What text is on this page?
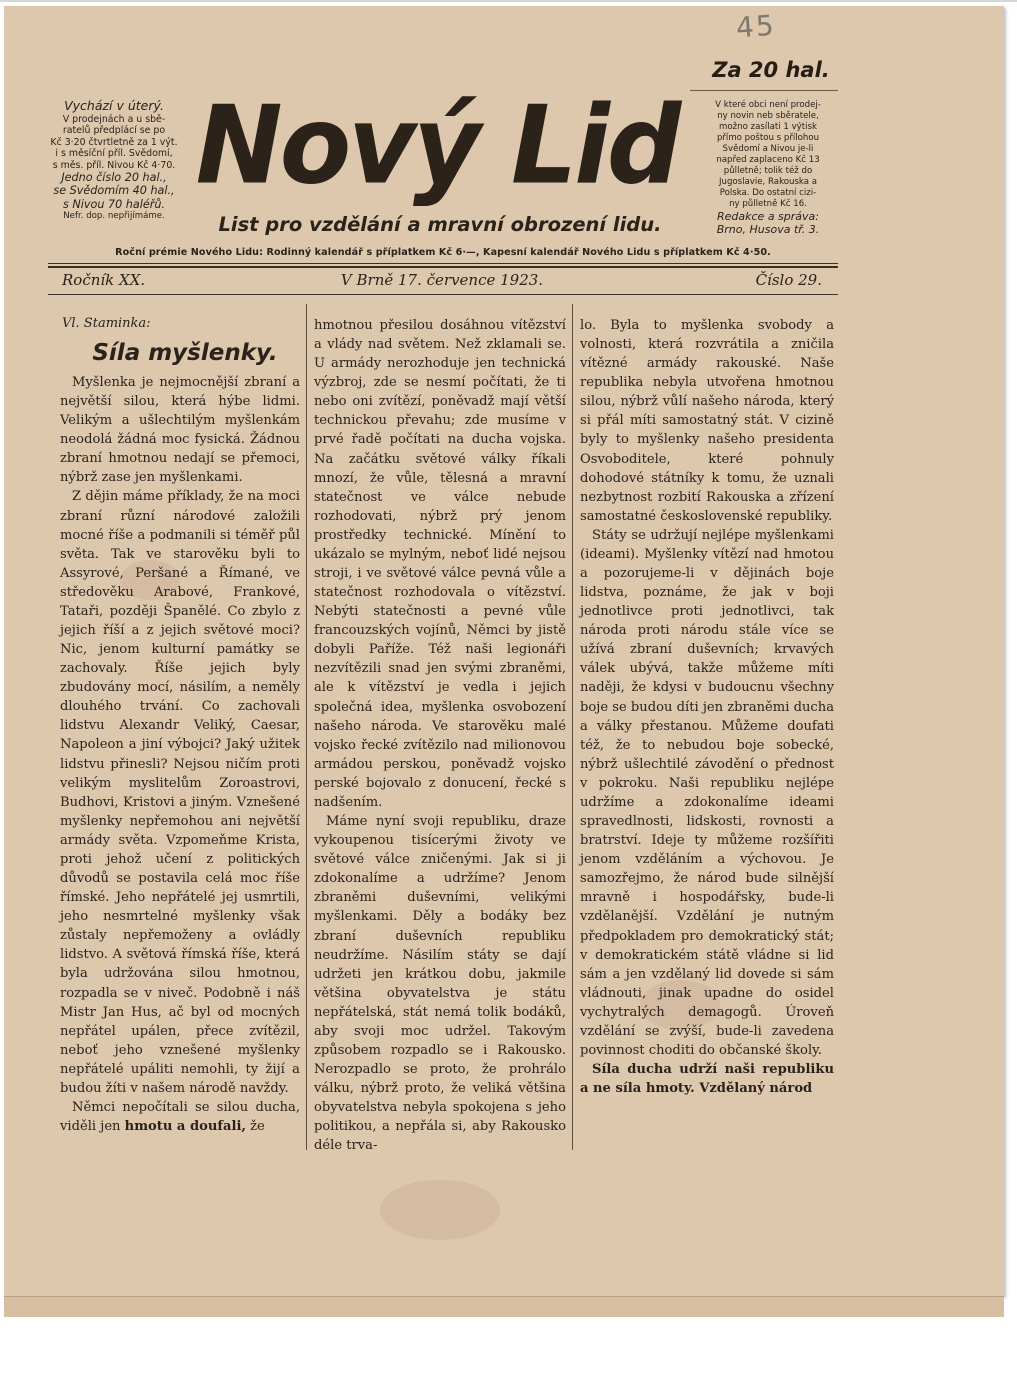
45
Za 20 hal.
Vychází v úterý.
V prodejnách a u sbě-
ratelů předplácí se po
Kč 3·20 čtvrtletně za 1 výt.
i s měsíční příl. Svědomí,
s měs. příl. Nivou Kč 4·70.
Jedno číslo 20 hal.,
se Svědomím 40 hal.,
s Nivou 70 haléřů.
Nefr. dop. nepřijímáme.
Nový Lid
List pro vzdělání a mravní obrození lidu.
V které obci není prodej-
ny novin neb sběratele,
možno zasílati 1 výtisk
přímo poštou s přílohou
Svědomí a Nivou je-li
napřed zaplaceno Kč 13
půlletně; tolik též do
Jugoslavie, Rakouska a
Polska. Do ostatní cizi-
ny půlletně Kč 16.
Redakce a správa:
Brno, Husova tř. 3.
Roční prémie Nového Lidu: Rodinný kalendář s příplatkem Kč 6·—, Kapesní kalendář Nového Lidu s příplatkem Kč 4·50.
Ročník XX.	V Brně 17. července 1923.	Číslo 29.
Vl. Staminka:
Síla myšlenky.

Myšlenka je nejmocnější zbraní a největší silou, která hýbe lidmi. Velikým a ušlechtilým myšlenkám neodolá žádná moc fysická. Žádnou zbraní hmotnou nedají se přemoci, nýbrž zase jen myšlenkami.

Z dějin máme příklady, že na moci zbraní různí národové založili mocné říše a podmanili si téměř půl světa. Tak ve starověku byli to Assyrové, Peršané a Římané, ve středověku Arabové, Frankové, Tataři, později Španělé. Co zbylo z jejich říší a z jejich světové moci? Nic, jenom kulturní památky se zachovaly. Říše jejich byly zbudovány mocí, násilím, a neměly dlouhého trvání. Co zachovali lidstvu Alexandr Veliký, Caesar, Napoleon a jiní výbojci? Jaký užitek lidstvu přinesli? Nejsou ničím proti velikým myslitelům Zoroastrovi, Budhovi, Kristovi a jiným. Vznešené myšlenky nepřemohou ani největší armády světa. Vzpomeňme Krista, proti jehož učení z politických důvodů se postavila celá moc říše římské. Jeho nepřátelé jej usmrtili, jeho nesmrtelné myšlenky však zůstaly nepřemoženy a ovládly lidstvo. A světová římská říše, která byla udržována silou hmotnou, rozpadla se v niveč. Podobně i náš Mistr Jan Hus, ač byl od mocných nepřátel upálen, přece zvítězil, neboť jeho vznešené myšlenky nepřátelé upáliti nemohli, ty žijí a budou žíti v našem národě navždy.

Němci nepočítali se silou ducha, viděli jen hmotu a doufali, že

hmotnou přesilou dosáhnou vítězství a vlády nad světem. Než zklamali se. U armády nerozhoduje jen technická výzbroj, zde se nesmí počítati, že ti nebo oni zvítězí, poněvadž mají větší technickou převahu; zde musíme v prvé řadě počítati na ducha vojska. Na začátku světové války říkali mnozí, že vůle, tělesná a mravní statečnost ve válce nebude rozhodovati, nýbrž prý jenom prostředky technické. Mínění to ukázalo se mylným, neboť lidé nejsou stroji, i ve světové válce pevná vůle a statečnost rozhodovala o vítězství. Nebýti statečnosti a pevné vůle francouzských vojínů, Němci by jistě dobyli Paříže. Též naši legionáři nezvítězili snad jen svými zbraněmi, ale k vítězství je vedla i jejich společná idea, myšlenka osvobození našeho národa. Ve starověku malé vojsko řecké zvítězilo nad milionovou armádou perskou, poněvadž vojsko perské bojovalo z donucení, řecké s nadšením.

Máme nyní svoji republiku, draze vykoupenou tisícerými životy ve světové válce zničenými. Jak si ji zdokonalíme a udržíme? Jenom zbraněmi duševními, velikými myšlenkami. Děly a bodáky bez zbraní duševních republiku neudržíme. Násilím státy se dají udržeti jen krátkou dobu, jakmile většina obyvatelstva je státu nepřátelská, stát nemá tolik bodáků, aby svoji moc udržel. Takovým způsobem rozpadlo se i Rakousko. Nerozpadlo se proto, že prohrálo válku, nýbrž proto, že veliká většina obyvatelstva nebyla spokojena s jeho politikou, a nepřála si, aby Rakousko déle trva-

lo. Byla to myšlenka svobody a volnosti, která rozvrátila a zničila vítězné armády rakouské. Naše republika nebyla utvořena hmotnou silou, nýbrž vůlí našeho národa, který si přál míti samostatný stát. V cizině byly to myšlenky našeho presidenta Osvoboditele, které pohnuly dohodové státníky k tomu, že uznali nezbytnost rozbití Rakouska a zřízení samostatné československé republiky.

Státy se udržují nejlépe myšlenkami (ideami). Myšlenky vítězí nad hmotou a pozorujeme-li v dějinách boje lidstva, poznáme, že jak v boji jednotlivce proti jednotlivci, tak národa proti národu stále více se užívá zbraní duševních; krvavých válek ubývá, takže můžeme míti naději, že kdysi v budoucnu všechny boje se budou díti jen zbraněmi ducha a války přestanou. Můžeme doufati též, že to nebudou boje sobecké, nýbrž ušlechtilé závodění o přednost v pokroku. Naši republiku nejlépe udržíme a zdokonalíme ideami spravedlnosti, lidskosti, rovnosti a bratrství. Ideje ty můžeme rozšířiti jenom vzděláním a výchovou. Je samozřejmo, že národ bude silnější mravně i hospodářsky, bude-li vzdělanější. Vzdělání je nutným předpokladem pro demokratický stát; v demokratickém státě vládne si lid sám a jen vzdělaný lid dovede si sám vládnouti, jinak upadne do osidel vychytralých demagogů. Úroveň vzdělání se zvýší, bude-li zavedena povinnost choditi do občanské školy.

Síla ducha udrží naši republiku a ne síla hmoty. Vzdělaný národ
